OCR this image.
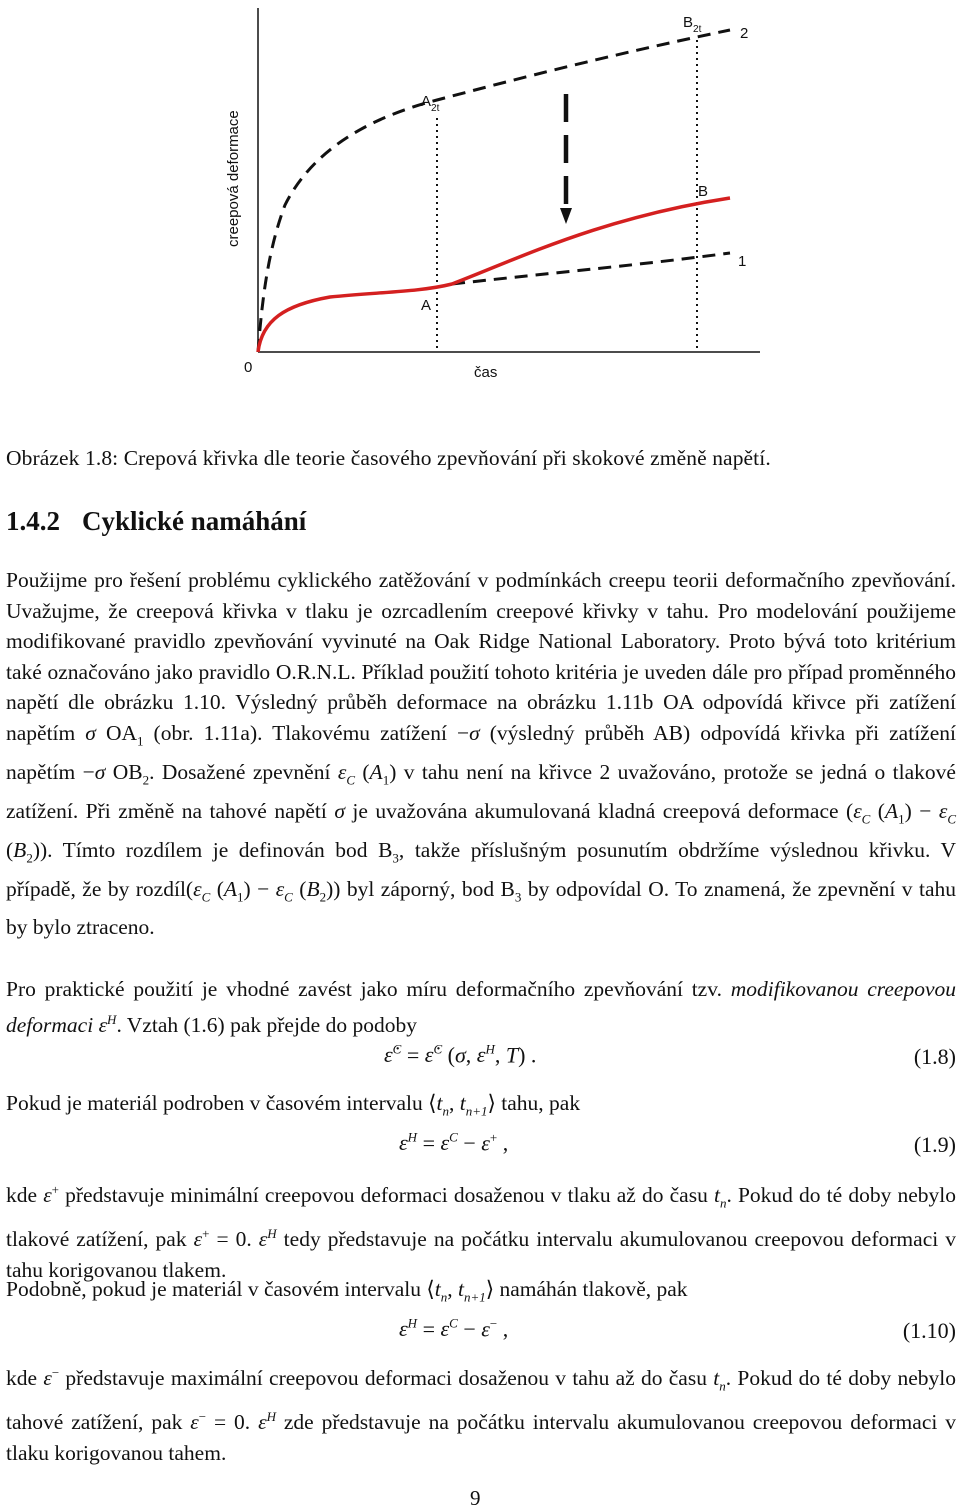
creepová deformace
čas
0
A
$A_{2t}$
B
$B_{2t}$
1
2
Obrázek 1.8: Crepová křivka dle teorie časového zpevňování při skokové změně napětí.
1.4.2 Cyklické namáhání
Použijme pro řešení problému cyklického zatěžování v podmínkách creepu teorii deformačního zpevňování. Uvažujme, že creepová křivka v tlaku je ozrcadlením creepové křivky v tahu. Pro modelování použijeme modifikované pravidlo zpevňování vyvinuté na Oak Ridge National Laboratory. Proto bývá toto kritérium také označováno jako pravidlo O.R.N.L. Příklad použití tohoto kritéria je uveden dále pro případ proměnného napětí dle obrázku 1.10. Výsledný průběh deformace na obrázku 1.11b OA odpovídá křivce při zatížení napětím σ $OA_1$ (obr. 1.11a). Tlakovému zatížení −σ (výsledný průběh AB) odpovídá křivka při zatížení napětím −σ $OB_2$. Dosažené zpevnění $\varepsilon_C$ $(A_1)$ v tahu není na křivce 2 uvažováno, protože se jedná o tlakové zatížení. Při změně na tahové napětí σ je uvažována akumulovaná kladná creepová deformace ($\varepsilon_C$ $(A_1) - \varepsilon_C$ $(B_2)$). Tímto rozdílem je definován bod $B_3$, takže příslušným posunutím obdržíme výslednou křivku. V případě, že by $rozdíl(\varepsilon_C$ $(A_1) - \varepsilon_C$ $(B_2)$) byl záporný, bod $B_3$ by odpovídal O. To znamená, že zpevnění v tahu by bylo ztraceno.
Pro praktické použití je vhodné zavést jako míru deformačního zpevňování tzv. modifikovanou creepovou deformaci $\varepsilon^H$. Vztah (1.6) pak přejde do podoby
ε̇$^C$ = ε̇$^C$ (σ, $\varepsilon^H$, T) .	(1.8)
Pokud je materiál podroben v časovém intervalu $⟨t_n$, $t_{n+1}⟩$ tahu, pak
$\varepsilon^H = \varepsilon^C - \varepsilon^+$ ,	(1.9)
kde ε+ představuje minimální creepovou deformaci dosaženou v tlaku až do času $t_n$. Pokud do té doby nebylo tlakové zatížení, pak ε+ = 0. $\varepsilon^H$ tedy představuje na počátku intervalu akumulovanou creepovou deformaci v tahu korigovanou tlakem.
Podobně, pokud je materiál v časovém intervalu $⟨t_n$, $t_{n+1}⟩$ namáhán tlakově, pak
$\varepsilon^H = \varepsilon^C - \varepsilon^-$ ,	(1.10)
kde ε− představuje maximální creepovou deformaci dosaženou v tahu až do času $t_n$. Pokud do té doby nebylo tahové zatížení, pak ε− = 0. $\varepsilon^H$ zde představuje na počátku intervalu akumulovanou creepovou deformaci v tlaku korigovanou tahem.
9
